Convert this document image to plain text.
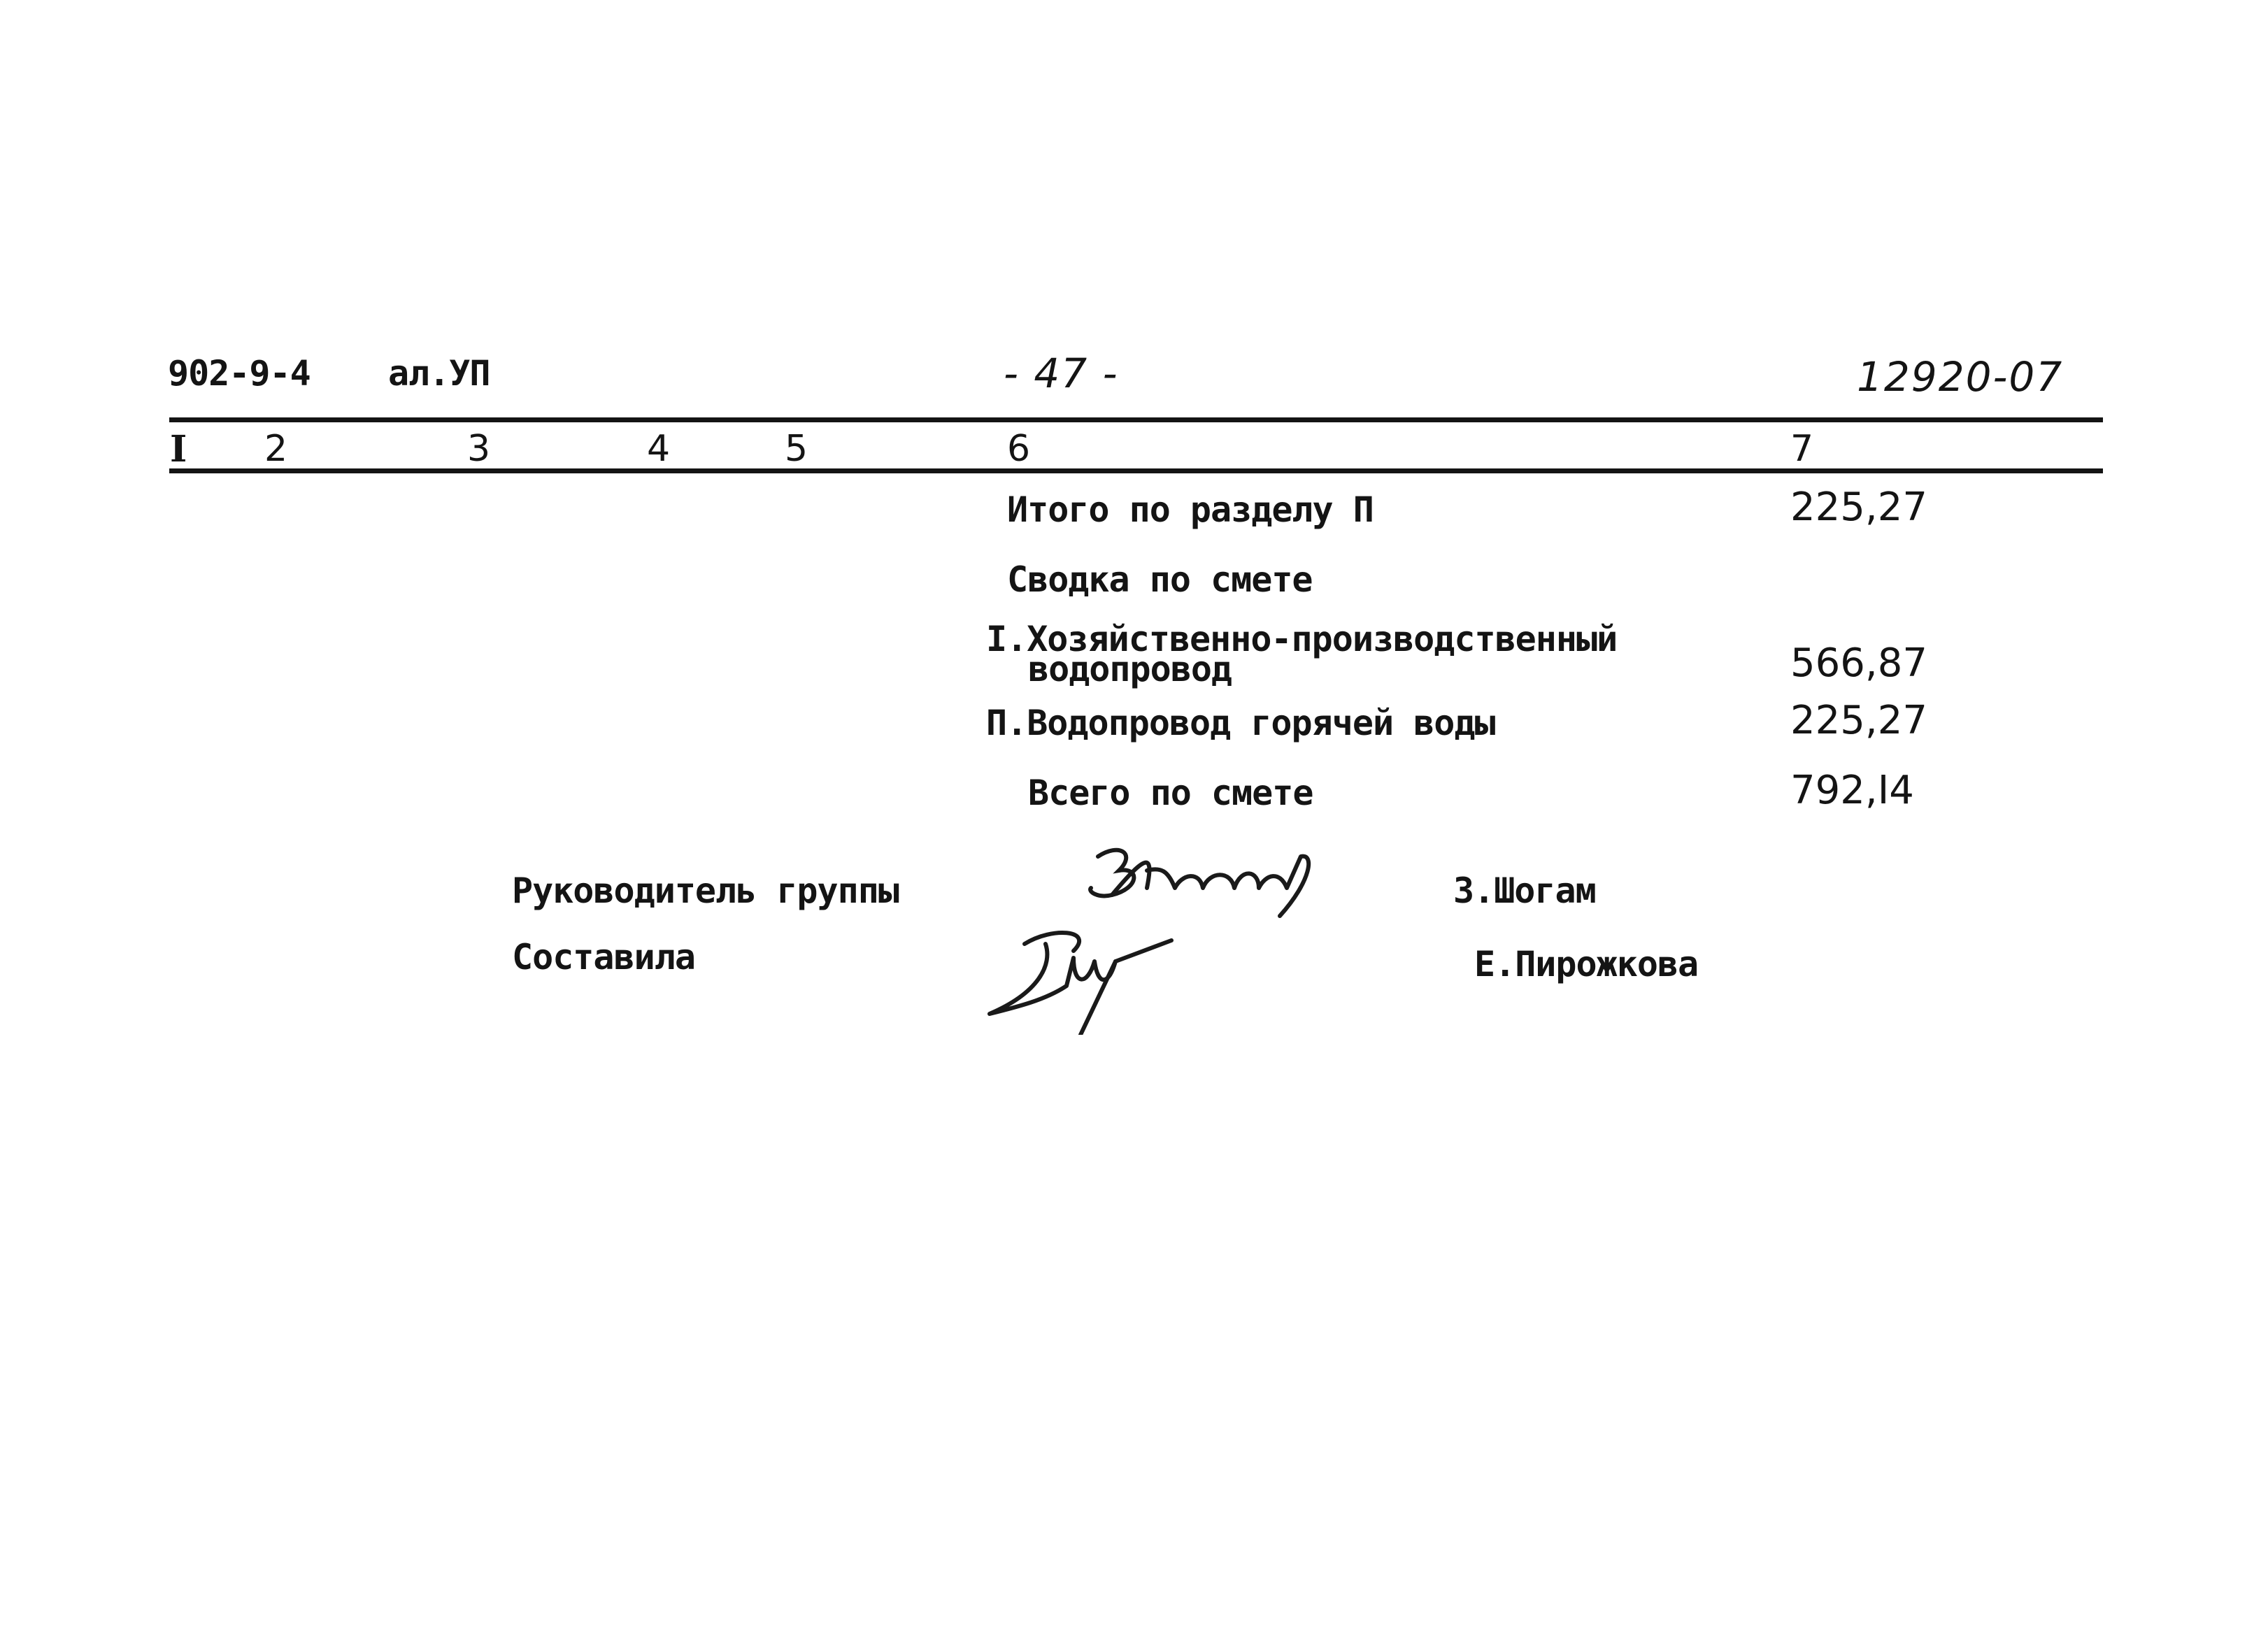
902-9-4 ал.УП	- 47 -	12920-07
I 2	3	4	5	6	7
Итого по разделу П	225,27
Сводка по смете
I.Хозяйственно-производственный
водопровод	566,87
П.Водопровод горячей воды	225,27
Всего по смете	792,I4
Руководитель группы	З.Шогам
Составила	Е.Пирожкова
